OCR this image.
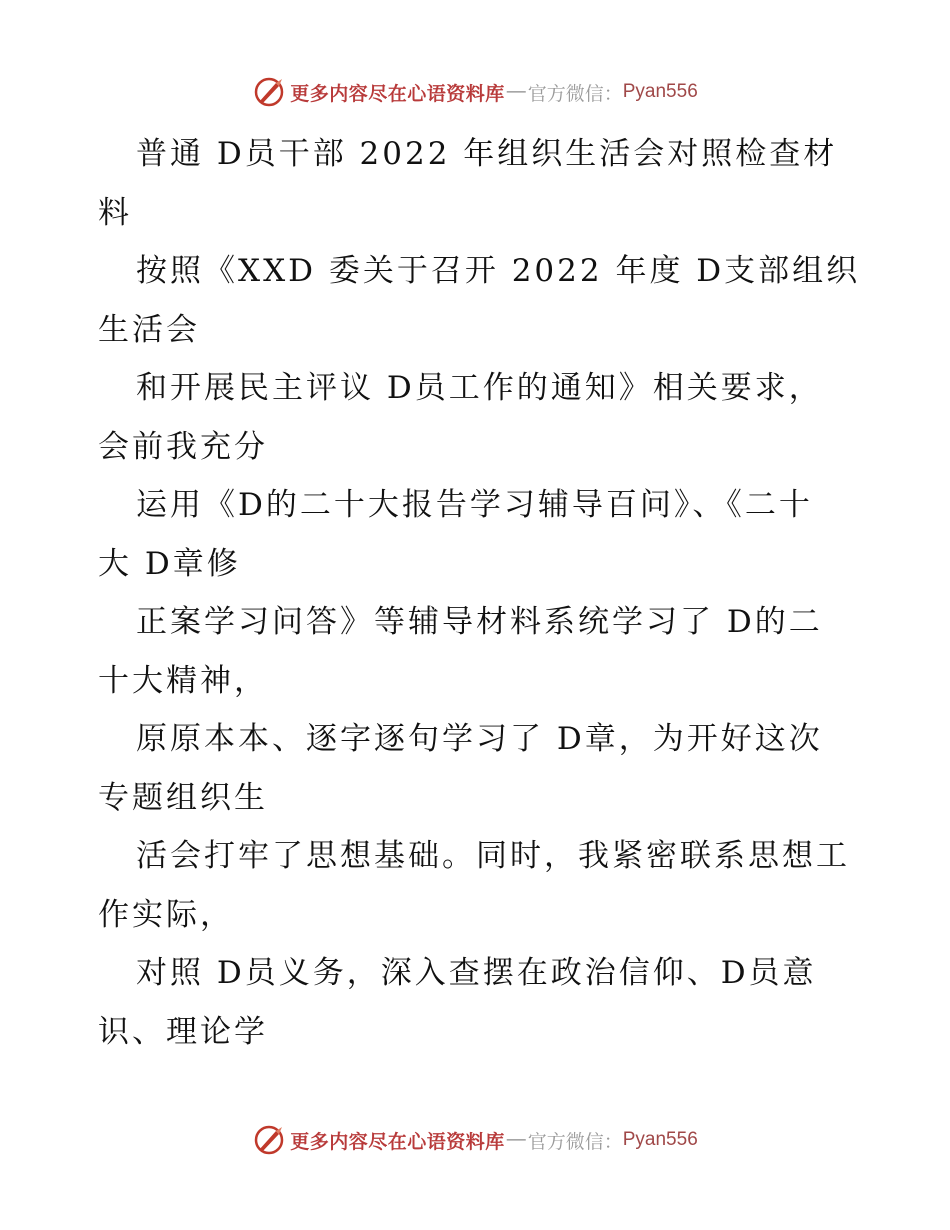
更多内容尽在心语资料库 — 官方微信： Pyan556
普通 D员干部 2022 年组织生活会对照检查材
料
按照《XXD 委关于召开 2022 年度 D支部组织
生活会
和开展民主评议 D员工作的通知》相关要求，
会前我充分
运用《D的二十大报告学习辅导百问》、《二十
大 D章修
正案学习问答》等辅导材料系统学习了 D的二
十大精神，
原原本本、逐字逐句学习了 D章，为开好这次
专题组织生
活会打牢了思想基础。同时，我紧密联系思想工
作实际，
对照 D员义务，深入查摆在政治信仰、D员意
识、理论学
更多内容尽在心语资料库 — 官方微信： Pyan556
